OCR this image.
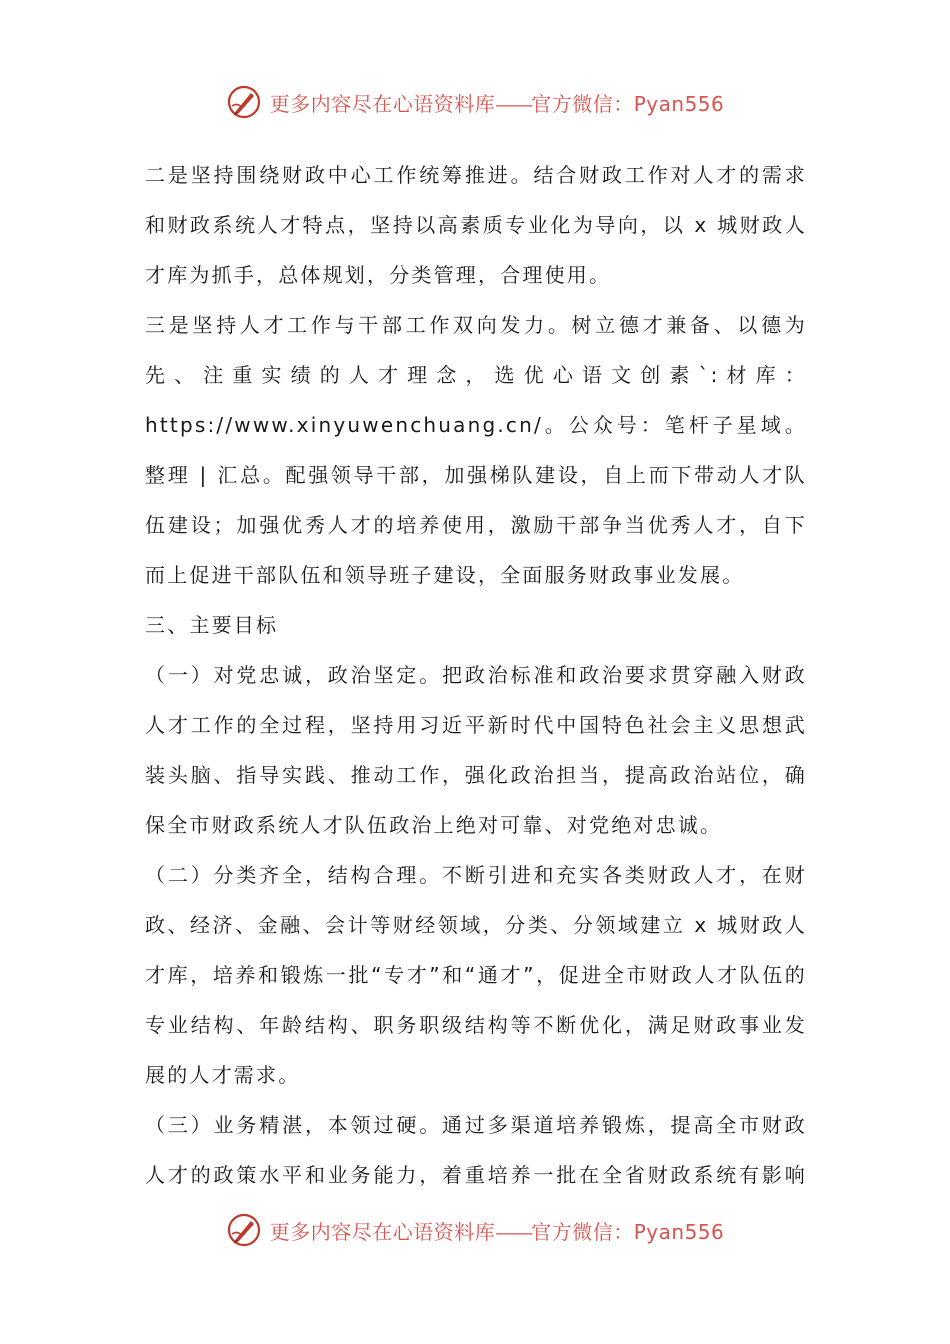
更多内容尽在心语资料库——官方微信：Pyan556

二是坚持围绕财政中心工作统筹推进。结合财政工作对人才的需求和财政系统人才特点，坚持以高素质专业化为导向，以 x 城财政人才库为抓手，总体规划，分类管理，合理使用。

三是坚持人才工作与干部工作双向发力。树立德才兼备、以德为先、注重实绩的人才理念，选优心语文创素`:材库：https://www.xinyuwenchuang.cn/。公众号：笔杆子星域。整理 | 汇总。配强领导干部，加强梯队建设，自上而下带动人才队伍建设；加强优秀人才的培养使用，激励干部争当优秀人才，自下而上促进干部队伍和领导班子建设，全面服务财政事业发展。

三、主要目标

（一）对党忠诚，政治坚定。把政治标准和政治要求贯穿融入财政人才工作的全过程，坚持用习近平新时代中国特色社会主义思想武装头脑、指导实践、推动工作，强化政治担当，提高政治站位，确保全市财政系统人才队伍政治上绝对可靠、对党绝对忠诚。

（二）分类齐全，结构合理。不断引进和充实各类财政人才，在财政、经济、金融、会计等财经领域，分类、分领域建立 x 城财政人才库，培养和锻炼一批“专才”和“通才”，促进全市财政人才队伍的专业结构、年龄结构、职务职级结构等不断优化，满足财政事业发展的人才需求。

（三）业务精湛，本领过硬。通过多渠道培养锻炼，提高全市财政人才的政策水平和业务能力，着重培养一批在全省财政系统有影响

更多内容尽在心语资料库——官方微信：Pyan556
